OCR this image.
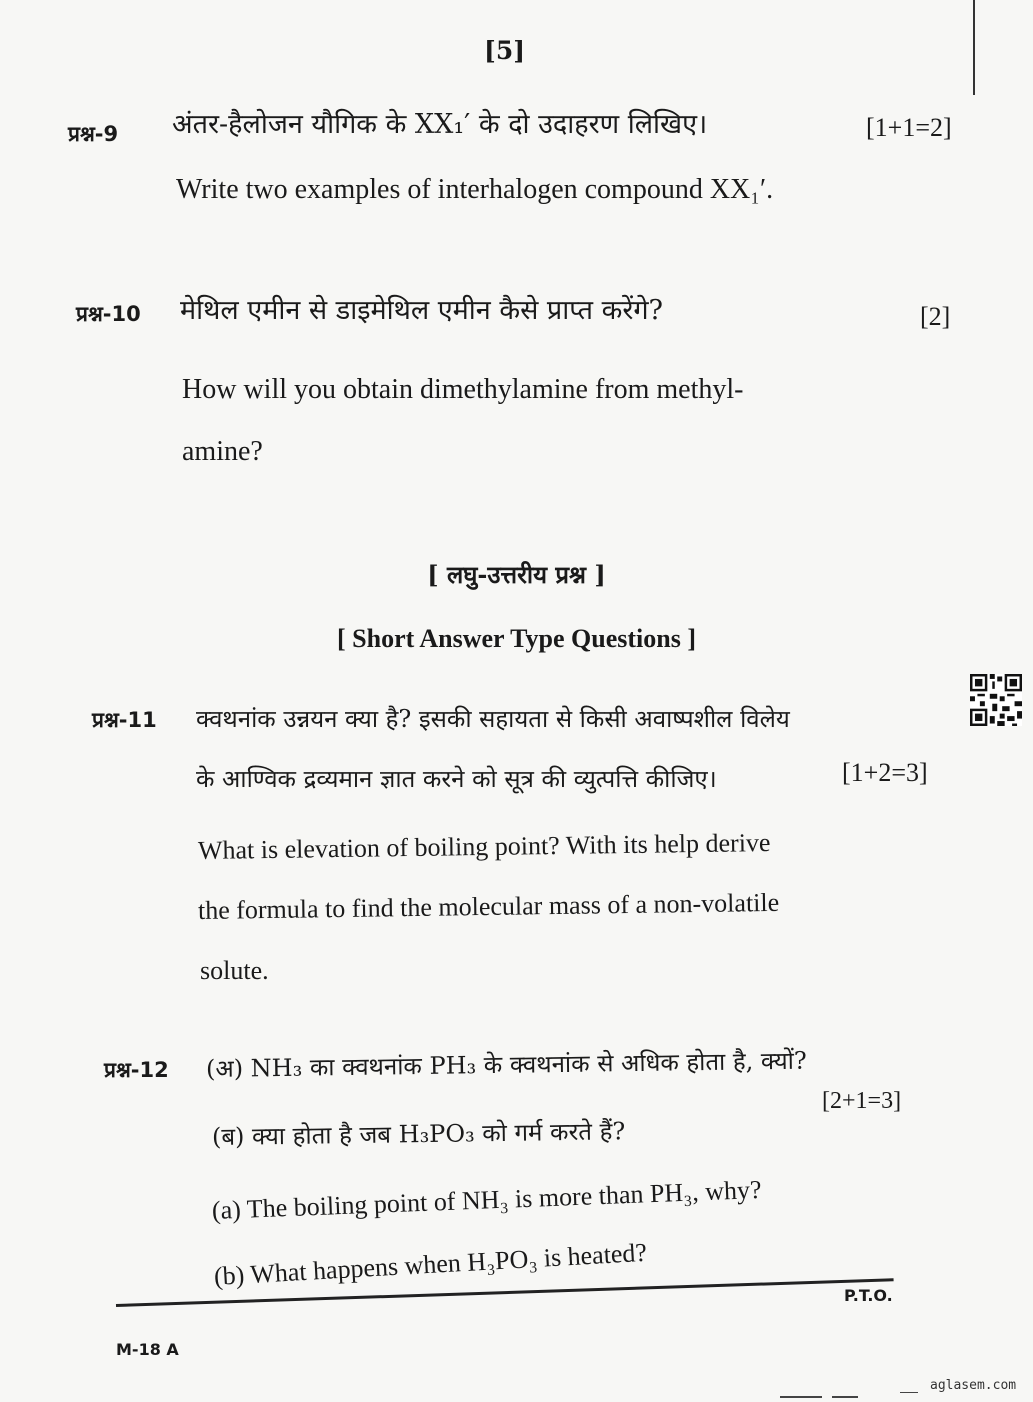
[5]
प्रश्न-9 अंतर-हैलोजन यौगिक के XX₁′ के दो उदाहरण लिखिए।	[1+1=2]
Write two examples of interhalogen compound XX₁′.
प्रश्न-10 मेथिल एमीन से डाइमेथिल एमीन कैसे प्राप्त करेंगे?	[2]
How will you obtain dimethylamine from methyl-
amine?
[ लघु-उत्तरीय प्रश्न ]
[ Short Answer Type Questions ]
प्रश्न-11 क्वथनांक उन्नयन क्या है? इसकी सहायता से किसी अवाष्पशील विलेय
के आण्विक द्रव्यमान ज्ञात करने को सूत्र की व्युत्पत्ति कीजिए।	[1+2=3]
What is elevation of boiling point? With its help derive
the formula to find the molecular mass of a non-volatile
solute.
प्रश्न-12 (अ) NH₃ का क्वथनांक PH₃ के क्वथनांक से अधिक होता है, क्यों?
[2+1=3]
(ब) क्या होता है जब H₃PO₃ को गर्म करते हैं?
(a) The boiling point of NH₃ is more than PH₃, why?
(b) What happens when H₃PO₃ is heated?
P.T.O.
M-18 A
aglasem.com
